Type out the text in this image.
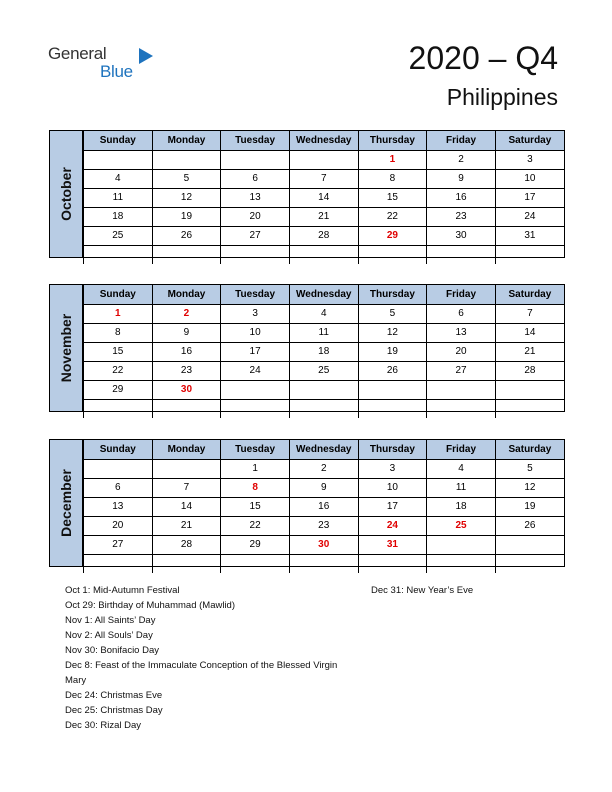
General
Blue	2020 – Q4
Philippines
October
Sunday	Monday	Tuesday	Wednesday	Thursday	Friday	Saturday
				1	2	3
4	5	6	7	8	9	10
11	12	13	14	15	16	17
18	19	20	21	22	23	24
25	26	27	28	29	30	31

November
Sunday	Monday	Tuesday	Wednesday	Thursday	Friday	Saturday
1	2	3	4	5	6	7
8	9	10	11	12	13	14
15	16	17	18	19	20	21
22	23	24	25	26	27	28
29	30					

December
Sunday	Monday	Tuesday	Wednesday	Thursday	Friday	Saturday
		1	2	3	4	5
6	7	8	9	10	11	12
13	14	15	16	17	18	19
20	21	22	23	24	25	26
27	28	29	30	31		

Oct 1: Mid-Autumn Festival
Oct 29: Birthday of Muhammad (Mawlid)
Nov 1: All Saints’ Day
Nov 2: All Souls’ Day
Nov 30: Bonifacio Day
Dec 8: Feast of the Immaculate Conception of the Blessed Virgin Mary
Dec 24: Christmas Eve
Dec 25: Christmas Day
Dec 30: Rizal Day
Dec 31: New Year’s Eve
